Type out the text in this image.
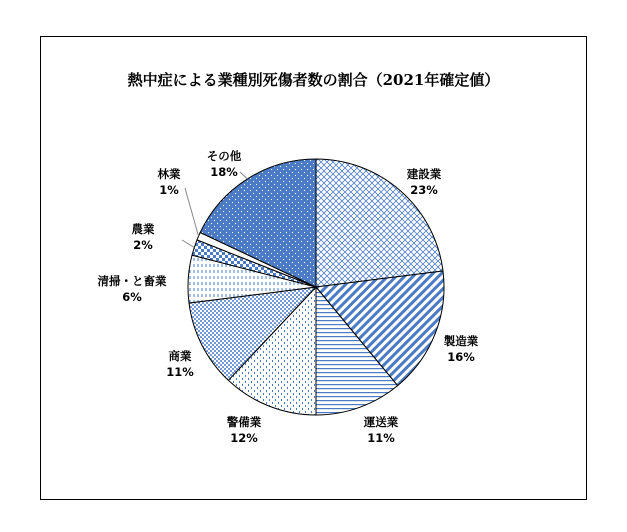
熱中症による業種別死傷者数の割合（2021年確定値）
建設業
23%
製造業
16%
運送業
11%
警備業
12%
商業
11%
清掃・と畜業
6%
農業
2%
林業
1%
その他
18%
